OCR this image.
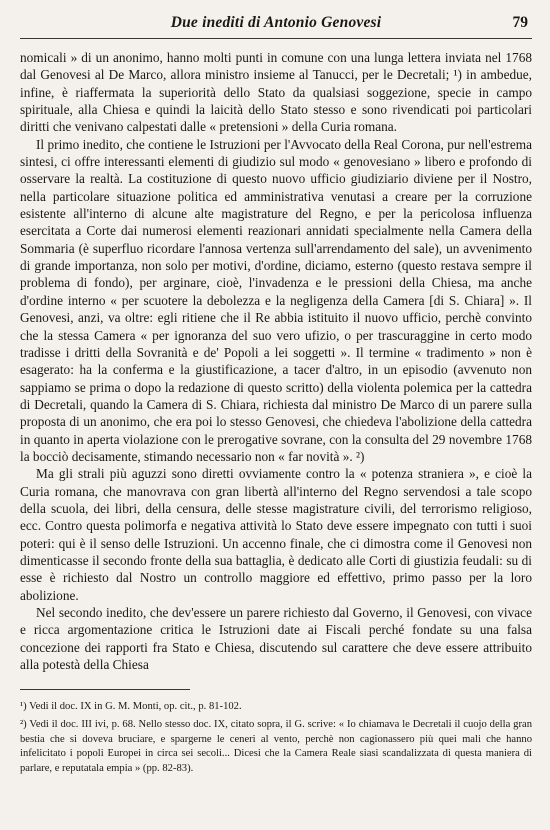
Due inediti di Antonio Genovesi	79

nomicali » di un anonimo, hanno molti punti in comune con una lunga lettera inviata nel 1768 dal Genovesi al De Marco, allora ministro insieme al Tanucci, per le Decretali; ¹) in ambedue, infine, è riaffermata la superiorità dello Stato da qualsiasi soggezione, specie in campo spirituale, alla Chiesa e quindi la laicità dello Stato stesso e sono rivendicati poi particolari diritti che venivano calpestati dalle « pretensioni » della Curia romana.

Il primo inedito, che contiene le Istruzioni per l'Avvocato della Real Corona, pur nell'estrema sintesi, ci offre interessanti elementi di giudizio sul modo « genovesiano » libero e profondo di osservare la realtà. La costituzione di questo nuovo ufficio giudiziario diviene per il Nostro, nella particolare situazione politica ed amministrativa venutasi a creare per la corruzione esistente all'interno di alcune alte magistrature del Regno, e per la pericolosa influenza esercitata a Corte dai numerosi elementi reazionari annidati specialmente nella Camera della Sommaria (è superfluo ricordare l'annosa vertenza sull'arrendamento del sale), un avvenimento di grande importanza, non solo per motivi, d'ordine, diciamo, esterno (questo restava sempre il problema di fondo), per arginare, cioè, l'invadenza e le pressioni della Chiesa, ma anche d'ordine interno « per scuotere la debolezza e la negligenza della Camera [di S. Chiara] ». Il Genovesi, anzi, va oltre: egli ritiene che il Re abbia istituito il nuovo ufficio, perchè convinto che la stessa Camera « per ignoranza del suo vero ufizio, o per trascuraggine in certo modo tradisse i dritti della Sovranità e de' Popoli a lei soggetti ». Il termine « tradimento » non è esagerato: ha la conferma e la giustificazione, a tacer d'altro, in un episodio (avvenuto non sappiamo se prima o dopo la redazione di questo scritto) della violenta polemica per la cattedra di Decretali, quando la Camera di S. Chiara, richiesta dal ministro De Marco di un parere sulla proposta di un anonimo, che era poi lo stesso Genovesi, che chiedeva l'abolizione della cattedra in quanto in aperta violazione con le prerogative sovrane, con la consulta del 29 novembre 1768 la bocciò decisamente, stimando necessario non « far novità ». ²)

Ma gli strali più aguzzi sono diretti ovviamente contro la « potenza straniera », e cioè la Curia romana, che manovrava con gran libertà all'interno del Regno servendosi a tale scopo della scuola, dei libri, della censura, delle stesse magistrature civili, del terrorismo religioso, ecc. Contro questa polimorfa e negativa attività lo Stato deve essere impegnato con tutti i suoi poteri: qui è il senso delle Istruzioni. Un accenno finale, che ci dimostra come il Genovesi non dimenticasse il secondo fronte della sua battaglia, è dedicato alle Corti di giustizia feudali: su di esse è richiesto dal Nostro un controllo maggiore ed effettivo, primo passo per la loro abolizione.

Nel secondo inedito, che dev'essere un parere richiesto dal Governo, il Genovesi, con vivace e ricca argomentazione critica le Istruzioni date ai Fiscali perché fondate su una falsa concezione dei rapporti fra Stato e Chiesa, discutendo sul carattere che deve essere attribuito alla potestà della Chiesa

¹) Vedi il doc. IX in G. M. Monti, op. cit., p. 81-102.

²) Vedi il doc. III ivi, p. 68. Nello stesso doc. IX, citato sopra, il G. scrive: « Io chiamava le Decretali il cuojo della gran bestia che si doveva bruciare, e spargerne le ceneri al vento, perchè non cagionassero più quei mali che hanno infelicitato i popoli Europei in circa sei secoli... Dicesi che la Camera Reale siasi scandalizzata di questa maniera di parlare, e reputatala empia » (pp. 82-83).
